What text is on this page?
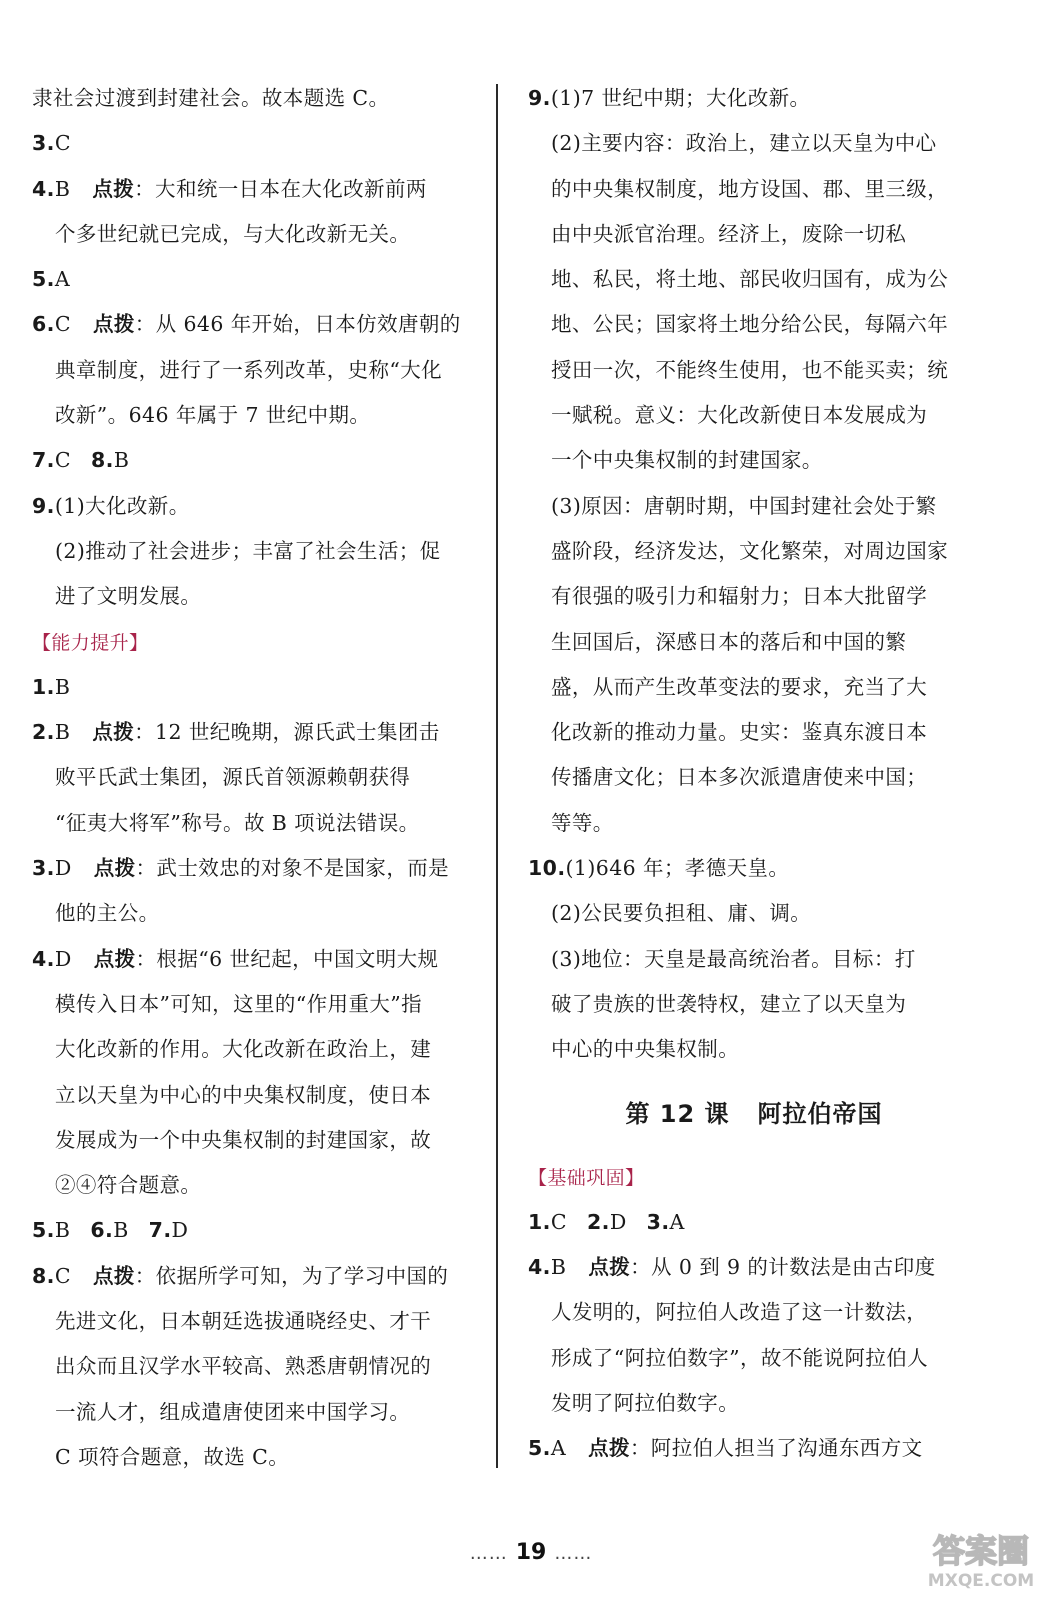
隶社会过渡到封建社会。故本题选 C。
3.C
4.B 点拨：大和统一日本在大化改新前两
个多世纪就已完成，与大化改新无关。
5.A
6.C 点拨：从 646 年开始，日本仿效唐朝的
典章制度，进行了一系列改革，史称“大化
改新”。646 年属于 7 世纪中期。
7.C 8.B
9.(1)大化改新。
(2)推动了社会进步；丰富了社会生活；促
进了文明发展。
【能力提升】
1.B
2.B 点拨：12 世纪晚期，源氏武士集团击
败平氏武士集团，源氏首领源赖朝获得
“征夷大将军”称号。故 B 项说法错误。
3.D 点拨：武士效忠的对象不是国家，而是
他的主公。
4.D 点拨：根据“6 世纪起，中国文明大规
模传入日本”可知，这里的“作用重大”指
大化改新的作用。大化改新在政治上，建
立以天皇为中心的中央集权制度，使日本
发展成为一个中央集权制的封建国家，故
②④符合题意。
5.B 6.B 7.D
8.C 点拨：依据所学可知，为了学习中国的
先进文化，日本朝廷选拔通晓经史、才干
出众而且汉学水平较高、熟悉唐朝情况的
一流人才，组成遣唐使团来中国学习。
C 项符合题意，故选 C。
9.(1)7 世纪中期；大化改新。
(2)主要内容：政治上，建立以天皇为中心
的中央集权制度，地方设国、郡、里三级，
由中央派官治理。经济上，废除一切私
地、私民，将土地、部民收归国有，成为公
地、公民；国家将土地分给公民，每隔六年
授田一次，不能终生使用，也不能买卖；统
一赋税。意义：大化改新使日本发展成为
一个中央集权制的封建国家。
(3)原因：唐朝时期，中国封建社会处于繁
盛阶段，经济发达，文化繁荣，对周边国家
有很强的吸引力和辐射力；日本大批留学
生回国后，深感日本的落后和中国的繁
盛，从而产生改革变法的要求，充当了大
化改新的推动力量。史实：鉴真东渡日本
传播唐文化；日本多次派遣唐使来中国；
等等。
10.(1)646 年；孝德天皇。
(2)公民要负担租、庸、调。
(3)地位：天皇是最高统治者。目标：打
破了贵族的世袭特权，建立了以天皇为
中心的中央集权制。
第 12 课 阿拉伯帝国
【基础巩固】
1.C 2.D 3.A
4.B 点拨：从 0 到 9 的计数法是由古印度
人发明的，阿拉伯人改造了这一计数法，
形成了“阿拉伯数字”，故不能说阿拉伯人
发明了阿拉伯数字。
5.A 点拨：阿拉伯人担当了沟通东西方文
…… 19 ……	答案圈
MXQE.COM
